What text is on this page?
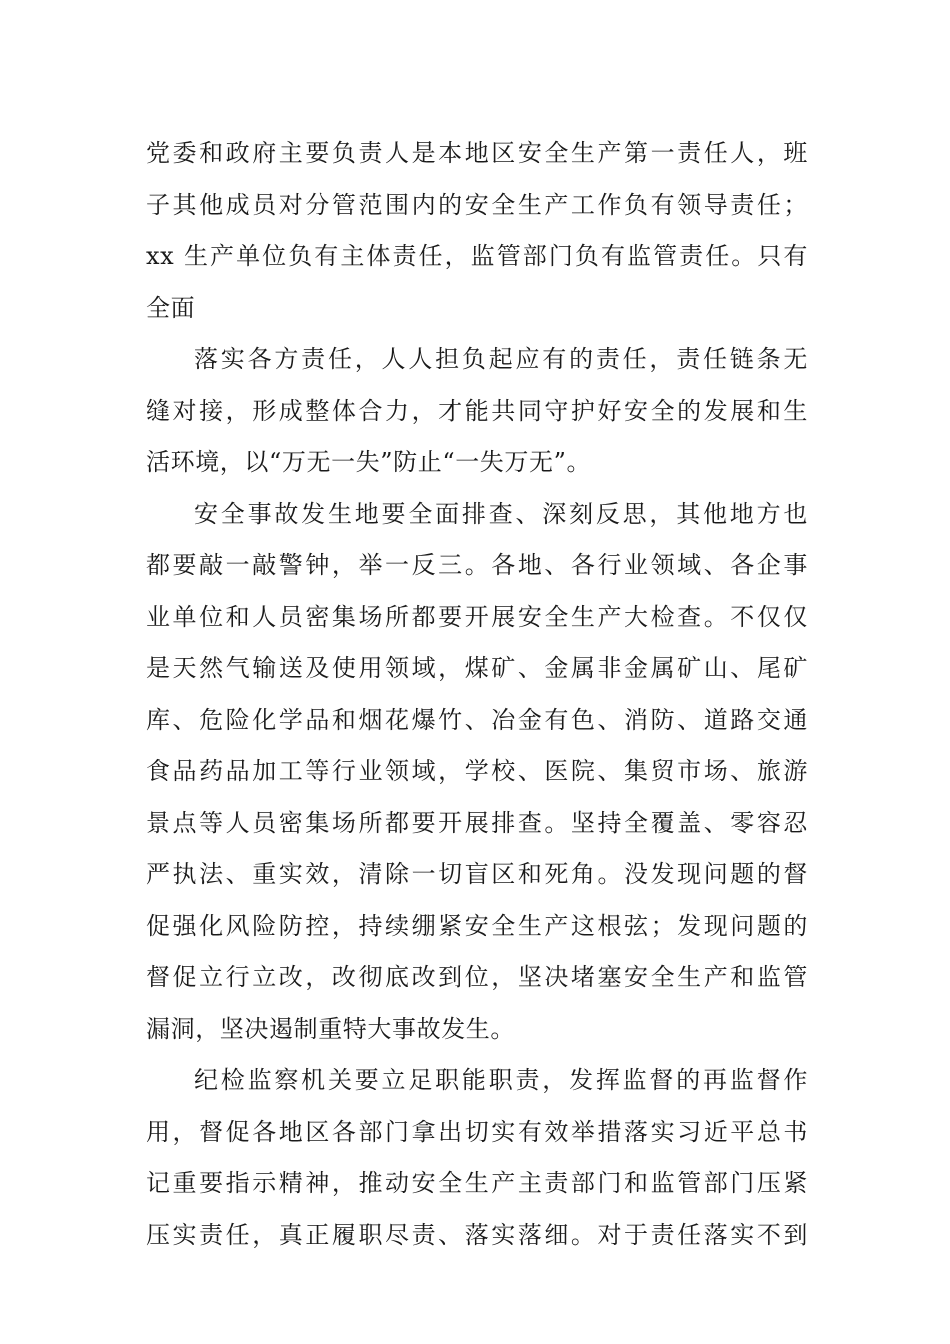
党委和政府主要负责人是本地区安全生产第一责任人，班
子其他成员对分管范围内的安全生产工作负有领导责任；
xx 生产单位负有主体责任，监管部门负有监管责任。只有
全面
落实各方责任，人人担负起应有的责任，责任链条无
缝对接，形成整体合力，才能共同守护好安全的发展和生
活环境，以“万无一失”防止“一失万无”。
安全事故发生地要全面排查、深刻反思，其他地方也
都要敲一敲警钟，举一反三。各地、各行业领域、各企事
业单位和人员密集场所都要开展安全生产大检查。不仅仅
是天然气输送及使用领域，煤矿、金属非金属矿山、尾矿
库、危险化学品和烟花爆竹、冶金有色、消防、道路交通
食品药品加工等行业领域，学校、医院、集贸市场、旅游
景点等人员密集场所都要开展排查。坚持全覆盖、零容忍
严执法、重实效，清除一切盲区和死角。没发现问题的督
促强化风险防控，持续绷紧安全生产这根弦；发现问题的
督促立行立改，改彻底改到位，坚决堵塞安全生产和监管
漏洞，坚决遏制重特大事故发生。
纪检监察机关要立足职能职责，发挥监督的再监督作
用，督促各地区各部门拿出切实有效举措落实习近平总书
记重要指示精神，推动安全生产主责部门和监管部门压紧
压实责任，真正履职尽责、落实落细。对于责任落实不到
